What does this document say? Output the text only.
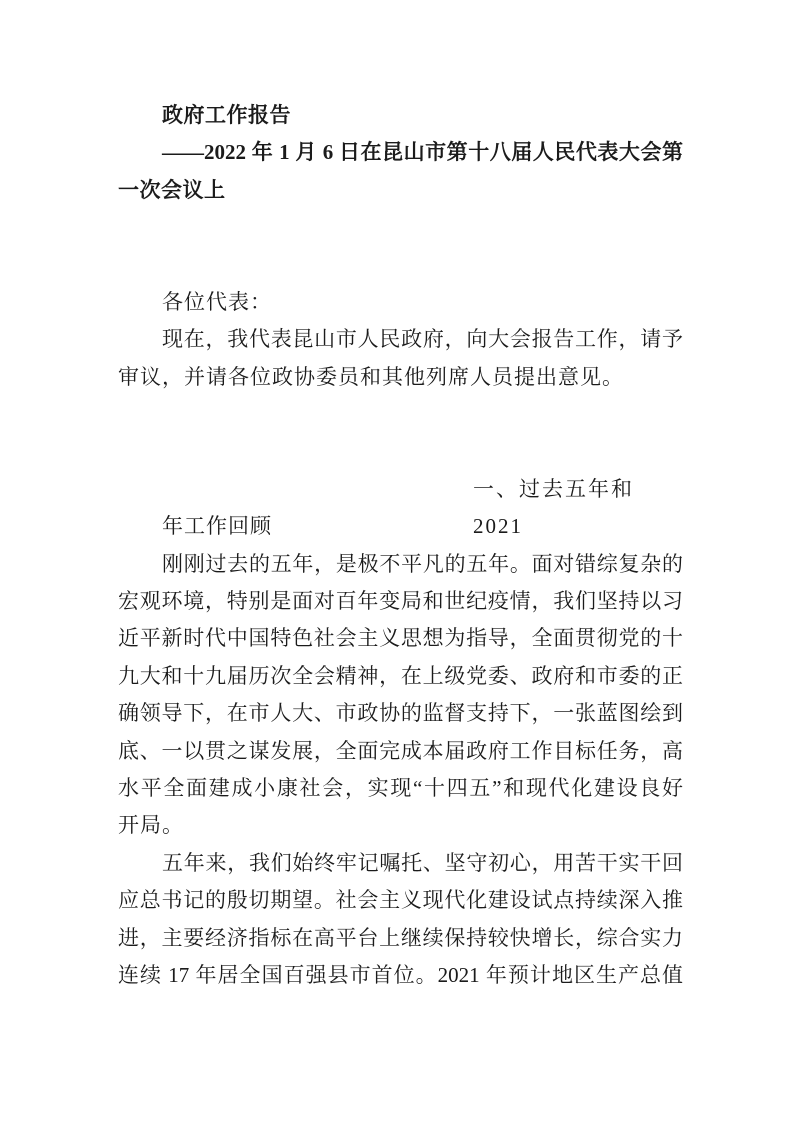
政府工作报告
——2022 年 1 月 6 日在昆山市第十八届人民代表大会第
一次会议上
各位代表：
现在，我代表昆山市人民政府，向大会报告工作，请予
审议，并请各位政协委员和其他列席人员提出意见。
一、过去五年和 2021
年工作回顾
刚刚过去的五年，是极不平凡的五年。面对错综复杂的
宏观环境，特别是面对百年变局和世纪疫情，我们坚持以习
近平新时代中国特色社会主义思想为指导，全面贯彻党的十
九大和十九届历次全会精神，在上级党委、政府和市委的正
确领导下，在市人大、市政协的监督支持下，一张蓝图绘到
底、一以贯之谋发展，全面完成本届政府工作目标任务，高
水平全面建成小康社会，实现“十四五”和现代化建设良好
开局。
五年来，我们始终牢记嘱托、坚守初心，用苦干实干回
应总书记的殷切期望。社会主义现代化建设试点持续深入推
进，主要经济指标在高平台上继续保持较快增长，综合实力
连续 17 年居全国百强县市首位。2021 年预计地区生产总值
